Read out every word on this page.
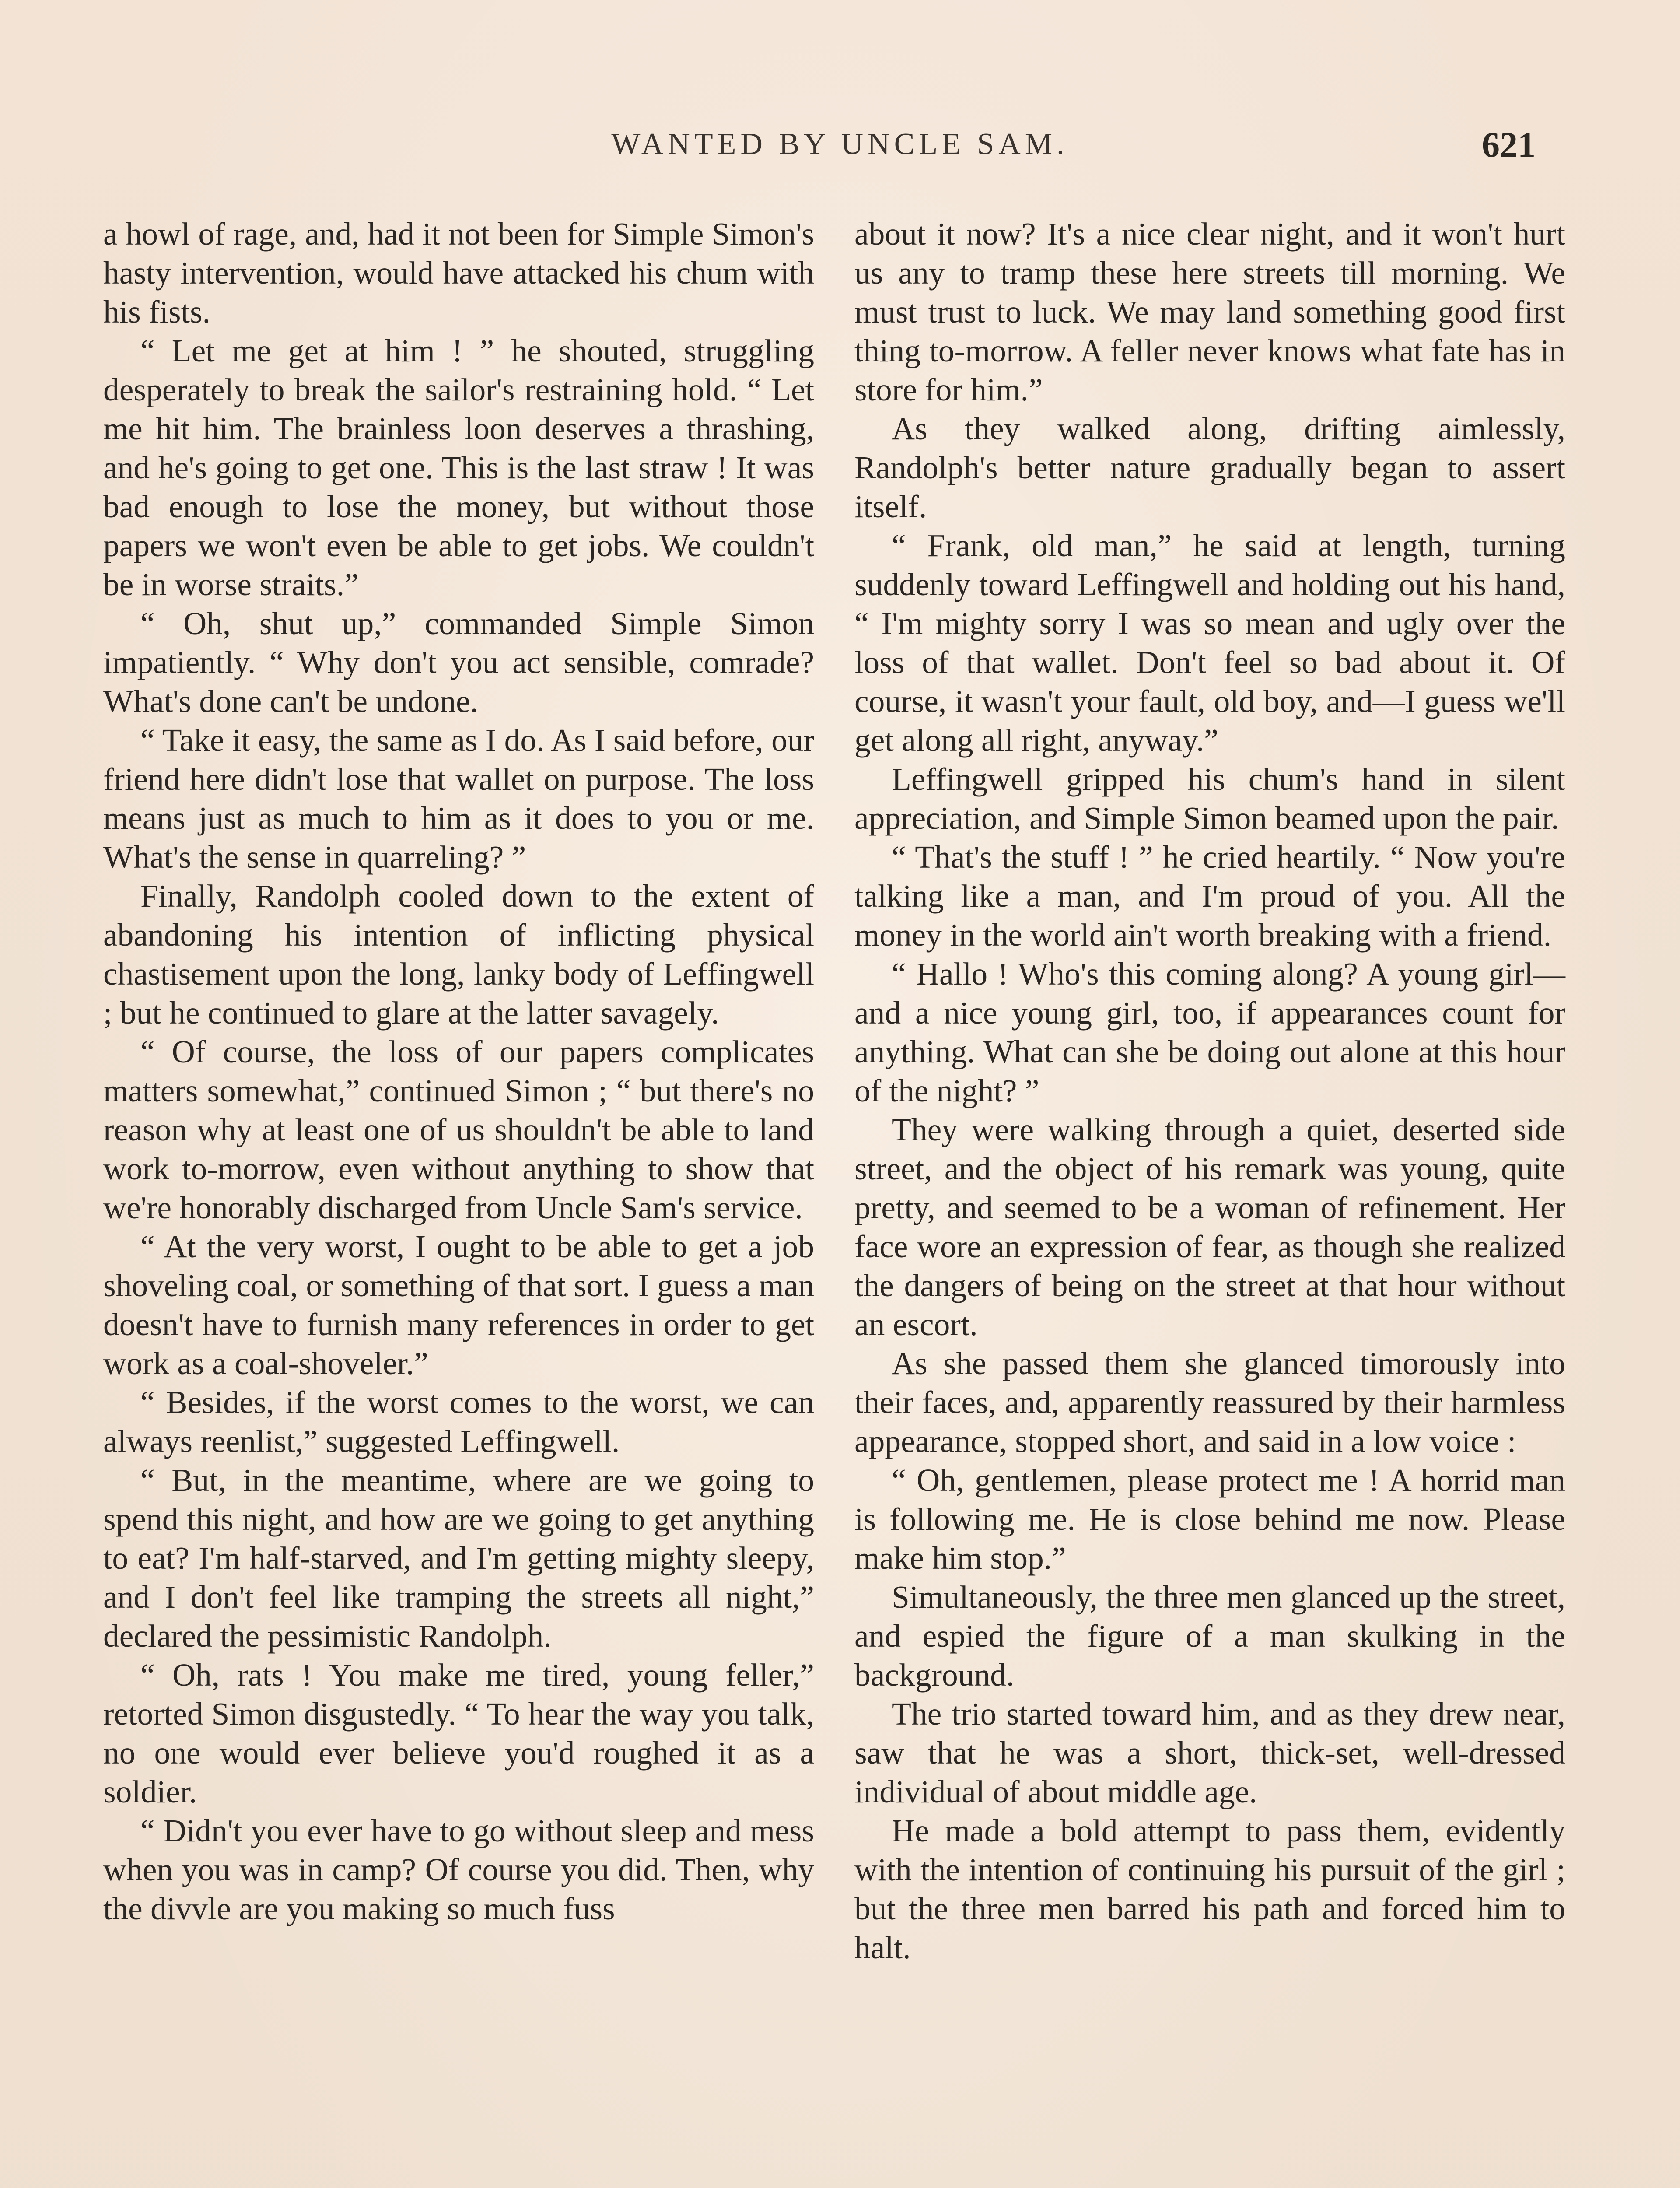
WANTED BY UNCLE SAM.	621

a howl of rage, and, had it not been for Simple Simon's hasty intervention, would have attacked his chum with his fists.

“ Let me get at him ! ” he shouted, struggling desperately to break the sailor's restraining hold. “ Let me hit him. The brainless loon deserves a thrashing, and he's going to get one. This is the last straw ! It was bad enough to lose the money, but without those papers we won't even be able to get jobs. We couldn't be in worse straits.”

“ Oh, shut up,” commanded Simple Simon impatiently. “ Why don't you act sensible, comrade? What's done can't be undone.

“ Take it easy, the same as I do. As I said before, our friend here didn't lose that wallet on purpose. The loss means just as much to him as it does to you or me. What's the sense in quarreling? ”

Finally, Randolph cooled down to the extent of abandoning his intention of inflicting physical chastisement upon the long, lanky body of Leffingwell ; but he continued to glare at the latter savagely.

“ Of course, the loss of our papers complicates matters somewhat,” continued Simon ; “ but there's no reason why at least one of us shouldn't be able to land work to-morrow, even without anything to show that we're honorably discharged from Uncle Sam's service.

“ At the very worst, I ought to be able to get a job shoveling coal, or something of that sort. I guess a man doesn't have to furnish many references in order to get work as a coal-shoveler.”

“ Besides, if the worst comes to the worst, we can always reenlist,” suggested Leffingwell.

“ But, in the meantime, where are we going to spend this night, and how are we going to get anything to eat? I'm half-starved, and I'm getting mighty sleepy, and I don't feel like tramping the streets all night,” declared the pessimistic Randolph.

“ Oh, rats ! You make me tired, young feller,” retorted Simon disgustedly. “ To hear the way you talk, no one would ever believe you'd roughed it as a soldier.

“ Didn't you ever have to go without sleep and mess when you was in camp? Of course you did. Then, why the divvle are you making so much fuss

about it now? It's a nice clear night, and it won't hurt us any to tramp these here streets till morning. We must trust to luck. We may land something good first thing to-morrow. A feller never knows what fate has in store for him.”

As they walked along, drifting aimlessly, Randolph's better nature gradually began to assert itself.

“ Frank, old man,” he said at length, turning suddenly toward Leffingwell and holding out his hand, “ I'm mighty sorry I was so mean and ugly over the loss of that wallet. Don't feel so bad about it. Of course, it wasn't your fault, old boy, and—I guess we'll get along all right, anyway.”

Leffingwell gripped his chum's hand in silent appreciation, and Simple Simon beamed upon the pair.

“ That's the stuff ! ” he cried heartily. “ Now you're talking like a man, and I'm proud of you. All the money in the world ain't worth breaking with a friend.

“ Hallo ! Who's this coming along? A young girl—and a nice young girl, too, if appearances count for anything. What can she be doing out alone at this hour of the night? ”

They were walking through a quiet, deserted side street, and the object of his remark was young, quite pretty, and seemed to be a woman of refinement. Her face wore an expression of fear, as though she realized the dangers of being on the street at that hour without an escort.

As she passed them she glanced timorously into their faces, and, apparently reassured by their harmless appearance, stopped short, and said in a low voice :

“ Oh, gentlemen, please protect me ! A horrid man is following me. He is close behind me now. Please make him stop.”

Simultaneously, the three men glanced up the street, and espied the figure of a man skulking in the background.

The trio started toward him, and as they drew near, saw that he was a short, thick-set, well-dressed individual of about middle age.

He made a bold attempt to pass them, evidently with the intention of continuing his pursuit of the girl ; but the three men barred his path and forced him to halt.
